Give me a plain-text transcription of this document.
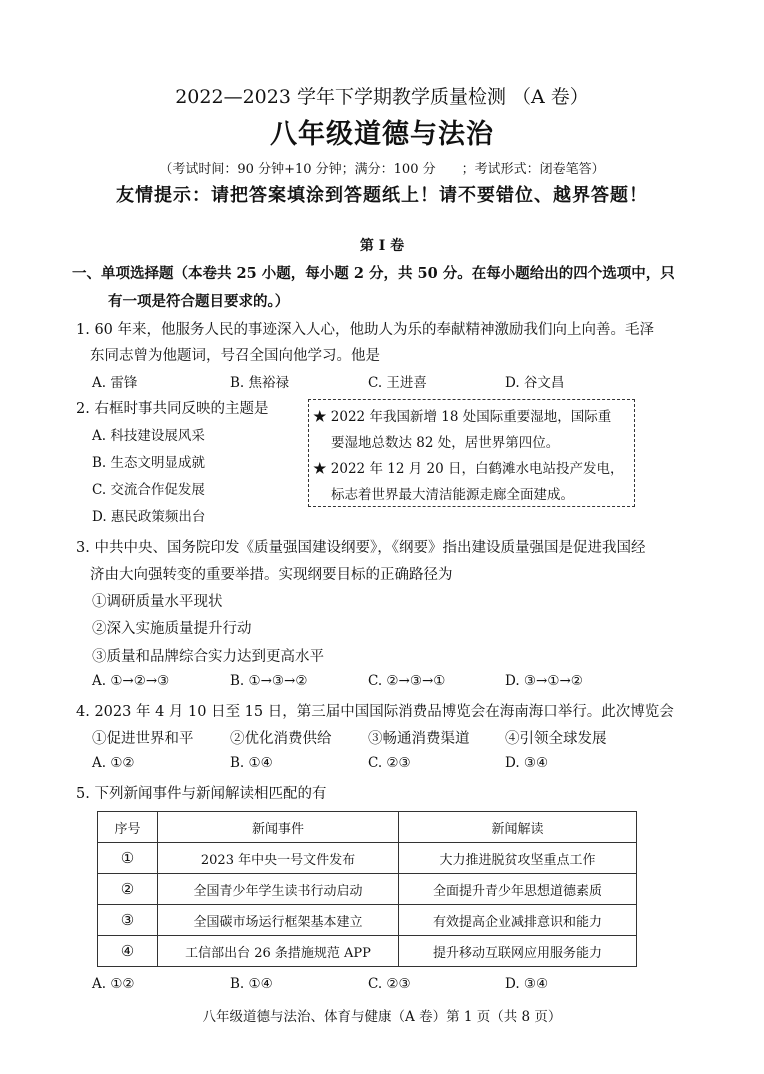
2022—2023 学年下学期教学质量检测 （A 卷）
八年级道德与法治
（考试时间：90 分钟+10 分钟；满分：100 分　　；考试形式：闭卷笔答）
友情提示：请把答案填涂到答题纸上！请不要错位、越界答题！
第 Ⅰ 卷
一、单项选择题（本卷共 25 小题，每小题 2 分，共 50 分。在每小题给出的四个选项中，只
有一项是符合题目要求的。）
1. 60 年来，他服务人民的事迹深入人心，他助人为乐的奉献精神激励我们向上向善。毛泽
东同志曾为他题词，号召全国向他学习。他是
A. 雷锋	B. 焦裕禄	C. 王进喜	D. 谷文昌
2. 右框时事共同反映的主题是
A. 科技建设展风采
B. 生态文明显成就
C. 交流合作促发展
D. 惠民政策频出台
★ 2022 年我国新增 18 处国际重要湿地，国际重
要湿地总数达 82 处，居世界第四位。
★ 2022 年 12 月 20 日，白鹤滩水电站投产发电，
标志着世界最大清洁能源走廊全面建成。
3. 中共中央、国务院印发《质量强国建设纲要》，《纲要》指出建设质量强国是促进我国经
济由大向强转变的重要举措。实现纲要目标的正确路径为
①调研质量水平现状
②深入实施质量提升行动
③质量和品牌综合实力达到更高水平
A. ①→②→③	B. ①→③→②	C. ②→③→①	D. ③→①→②
4. 2023 年 4 月 10 日至 15 日，第三届中国国际消费品博览会在海南海口举行。此次博览会
①促进世界和平	②优化消费供给	③畅通消费渠道 ④引领全球发展
A. ①②	B. ①④	C. ②③	D. ③④
5. 下列新闻事件与新闻解读相匹配的有
序号	新闻事件	新闻解读
①	2023 年中央一号文件发布	大力推进脱贫攻坚重点工作
②	全国青少年学生读书行动启动	全面提升青少年思想道德素质
③	全国碳市场运行框架基本建立	有效提高企业减排意识和能力
④	工信部出台 26 条措施规范 APP	提升移动互联网应用服务能力
A. ①②	B. ①④	C. ②③	D. ③④
八年级道德与法治、体育与健康（A 卷）第 1 页（共 8 页）
